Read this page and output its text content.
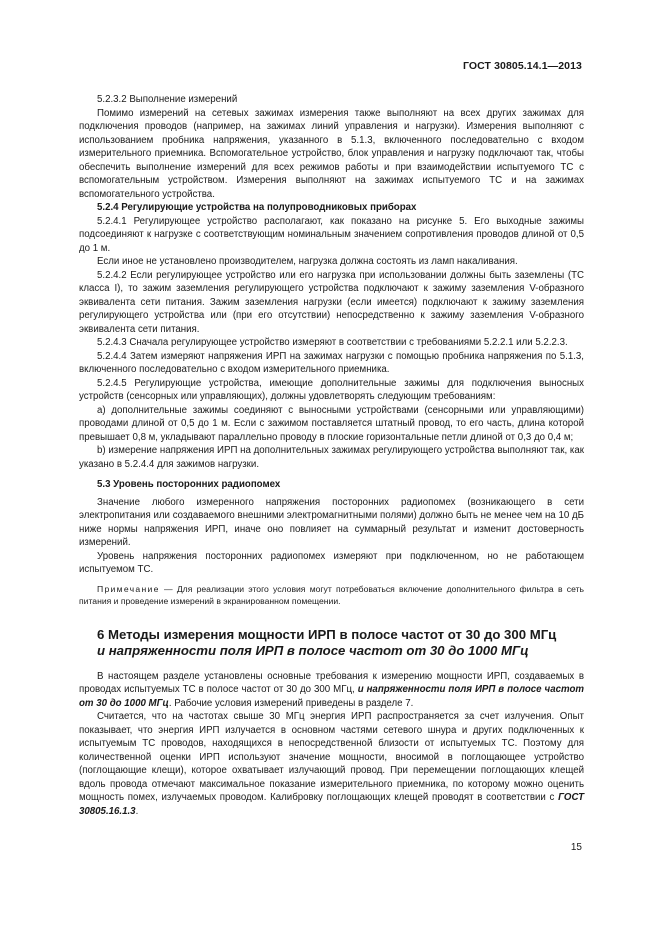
ГОСТ 30805.14.1—2013

5.2.3.2 Выполнение измерений

Помимо измерений на сетевых зажимах измерения также выполняют на всех других зажимах для подключения проводов (например, на зажимах линий управления и нагрузки). Измерения выполняют с использованием пробника напряжения, указанного в 5.1.3, включенного последовательно с входом измерительного приемника. Вспомогательное устройство, блок управления и нагрузку подключают так, чтобы обеспечить выполнение измерений для всех режимов работы и при взаимодействии испытуемого ТС с вспомогательным устройством. Измерения выполняют на зажимах испытуемого ТС и на зажимах вспомогательного устройства.

5.2.4 Регулирующие устройства на полупроводниковых приборах

5.2.4.1 Регулирующее устройство располагают, как показано на рисунке 5. Его выходные зажимы подсоединяют к нагрузке с соответствующим номинальным значением сопротивления проводов длиной от 0,5 до 1 м.

Если иное не установлено производителем, нагрузка должна состоять из ламп накаливания.

5.2.4.2 Если регулирующее устройство или его нагрузка при использовании должны быть заземлены (ТС класса I), то зажим заземления регулирующего устройства подключают к зажиму заземления V-образного эквивалента сети питания. Зажим заземления нагрузки (если имеется) подключают к зажиму заземления регулирующего устройства или (при его отсутствии) непосредственно к зажиму заземления V-образного эквивалента сети питания.

5.2.4.3 Сначала регулирующее устройство измеряют в соответствии с требованиями 5.2.2.1 или 5.2.2.3.

5.2.4.4 Затем измеряют напряжения ИРП на зажимах нагрузки с помощью пробника напряжения по 5.1.3, включенного последовательно с входом измерительного приемника.

5.2.4.5 Регулирующие устройства, имеющие дополнительные зажимы для подключения выносных устройств (сенсорных или управляющих), должны удовлетворять следующим требованиям:

a) дополнительные зажимы соединяют с выносными устройствами (сенсорными или управляющими) проводами длиной от 0,5 до 1 м. Если с зажимом поставляется штатный провод, то его часть, длина которой превышает 0,8 м, укладывают параллельно проводу в плоские горизонтальные петли длиной от 0,3 до 0,4 м;

b) измерение напряжения ИРП на дополнительных зажимах регулирующего устройства выполняют так, как указано в 5.2.4.4 для зажимов нагрузки.

5.3 Уровень посторонних радиопомех

Значение любого измеренного напряжения посторонних радиопомех (возникающего в сети электропитания или создаваемого внешними электромагнитными полями) должно быть не менее чем на 10 дБ ниже нормы напряжения ИРП, иначе оно повлияет на суммарный результат и изменит достоверность измерений.

Уровень напряжения посторонних радиопомех измеряют при подключенном, но не работающем испытуемом ТС.

Примечание — Для реализации этого условия могут потребоваться включение дополнительного фильтра в сеть питания и проведение измерений в экранированном помещении.

6 Методы измерения мощности ИРП в полосе частот от 30 до 300 МГц
и напряженности поля ИРП в полосе частот от 30 до 1000 МГц

В настоящем разделе установлены основные требования к измерению мощности ИРП, создаваемых в проводах испытуемых ТС в полосе частот от 30 до 300 МГц, и напряженности поля ИРП в полосе частот от 30 до 1000 МГц. Рабочие условия измерений приведены в разделе 7.

Считается, что на частотах свыше 30 МГц энергия ИРП распространяется за счет излучения. Опыт показывает, что энергия ИРП излучается в основном частями сетевого шнура и других подключенных к испытуемым ТС проводов, находящихся в непосредственной близости от испытуемых ТС. Поэтому для количественной оценки ИРП используют значение мощности, вносимой в поглощающее устройство (поглощающие клещи), которое охватывает излучающий провод. При перемещении поглощающих клещей вдоль провода отмечают максимальное показание измерительного приемника, по которому можно оценить мощность помех, излучаемых проводом. Калибровку поглощающих клещей проводят в соответствии с ГОСТ 30805.16.1.3.

15
